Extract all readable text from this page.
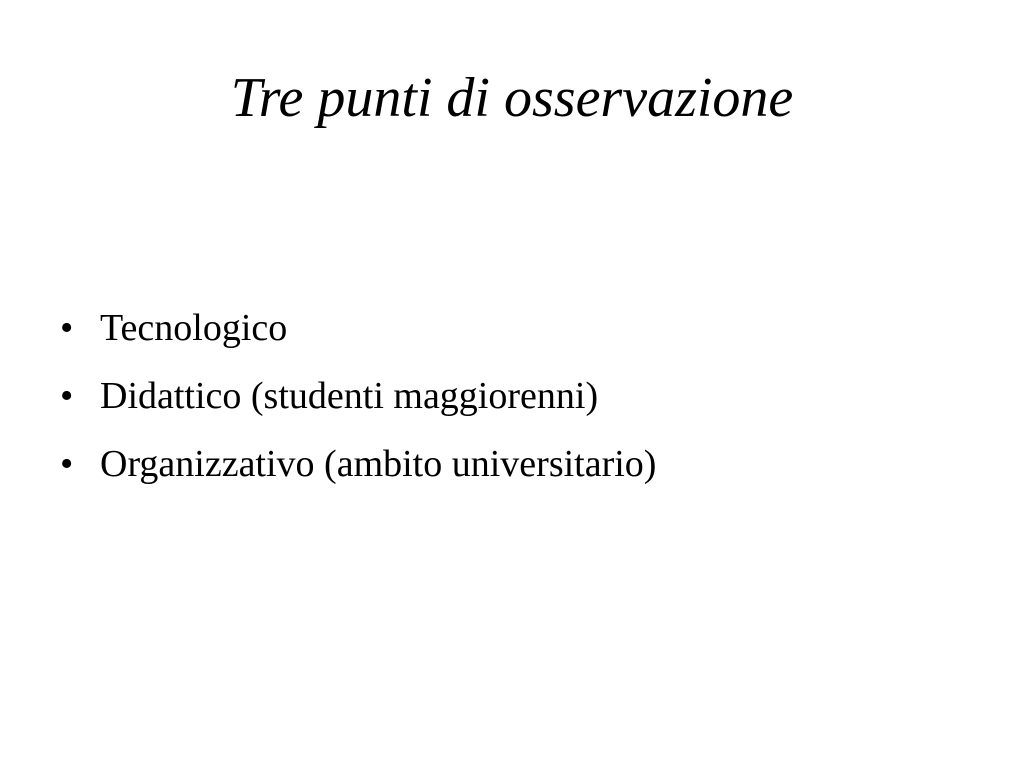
Tre punti di osservazione
• Tecnologico
• Didattico (studenti maggiorenni)
• Organizzativo (ambito universitario)
